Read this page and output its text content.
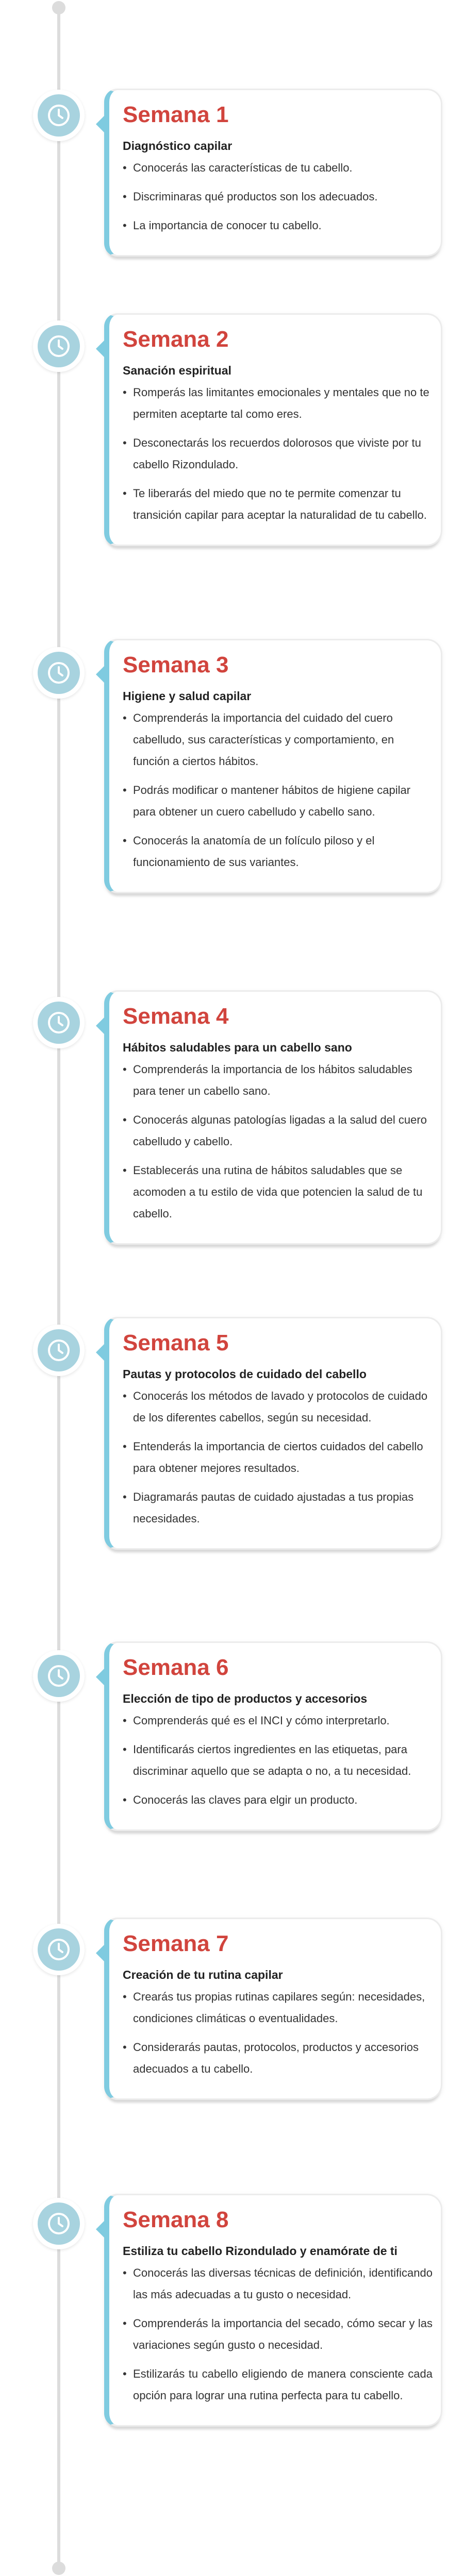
Semana 1
Diagnóstico capilar
• Conocerás las características de tu cabello.
• Discriminaras qué productos son los adecuados.
• La importancia de conocer tu cabello.
Semana 2
Sanación espiritual
• Romperás las limitantes emocionales y mentales que no te permiten aceptarte tal como eres.
• Desconectarás los recuerdos dolorosos que viviste por tu cabello Rizondulado.
• Te liberarás del miedo que no te permite comenzar tu transición capilar para aceptar la naturalidad de tu cabello.
Semana 3
Higiene y salud capilar
• Comprenderás la importancia del cuidado del cuero cabelludo, sus características y comportamiento, en función a ciertos hábitos.
• Podrás modificar o mantener hábitos de higiene capilar para obtener un cuero cabelludo y cabello sano.
• Conocerás la anatomía de un folículo piloso y el funcionamiento de sus variantes.
Semana 4
Hábitos saludables para un cabello sano
• Comprenderás la importancia de los hábitos saludables para tener un cabello sano.
• Conocerás algunas patologías ligadas a la salud del cuero cabelludo y cabello.
• Establecerás una rutina de hábitos saludables que se acomoden a tu estilo de vida que potencien la salud de tu cabello.
Semana 5
Pautas y protocolos de cuidado del cabello
• Conocerás los métodos de lavado y protocolos de cuidado de los diferentes cabellos, según su necesidad.
• Entenderás la importancia de ciertos cuidados del cabello para obtener mejores resultados.
• Diagramarás pautas de cuidado ajustadas a tus propias necesidades.
Semana 6
Elección de tipo de productos y accesorios
• Comprenderás qué es el INCI y cómo interpretarlo.
• Identificarás ciertos ingredientes en las etiquetas, para discriminar aquello que se adapta o no, a tu necesidad.
• Conocerás las claves para elgir un producto.
Semana 7
Creación de tu rutina capilar
• Crearás tus propias rutinas capilares según: necesidades, condiciones climáticas o eventualidades.
• Considerarás pautas, protocolos, productos y accesorios adecuados a tu cabello.
Semana 8
Estiliza tu cabello Rizondulado y enamórate de ti
• Conocerás las diversas técnicas de definición, identificando las más adecuadas a tu gusto o necesidad.
• Comprenderás la importancia del secado, cómo secar y las variaciones según gusto o necesidad.
• Estilizarás tu cabello eligiendo de manera consciente cada opción para lograr una rutina perfecta para tu cabello.
